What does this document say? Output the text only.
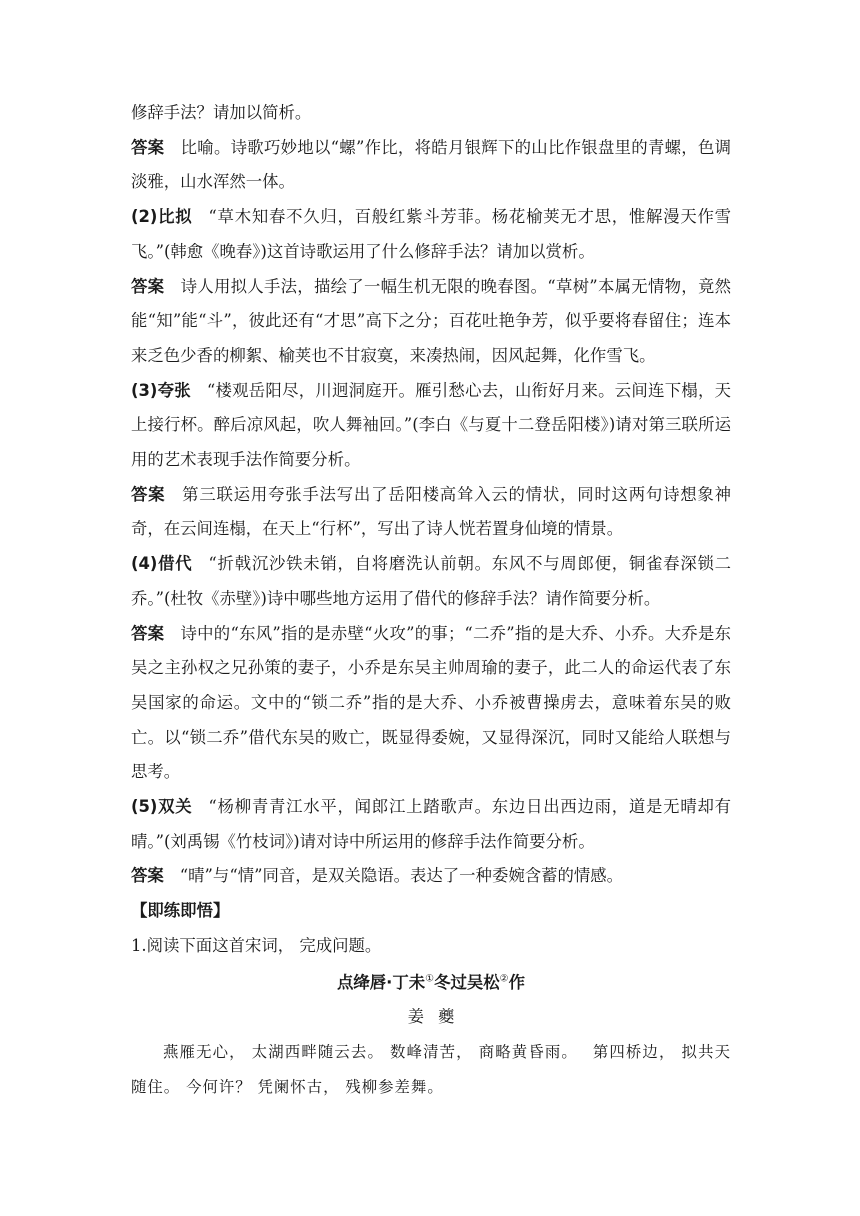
修辞手法？请加以简析。

答案 比喻。诗歌巧妙地以“螺”作比，将皓月银辉下的山比作银盘里的青螺，色调淡雅，山水浑然一体。

(2)比拟 “草木知春不久归，百般红紫斗芳菲。杨花榆荚无才思，惟解漫天作雪飞。”(韩愈《晚春》)这首诗歌运用了什么修辞手法？请加以赏析。

答案 诗人用拟人手法，描绘了一幅生机无限的晚春图。“草树”本属无情物，竟然能“知”能“斗”，彼此还有“才思”高下之分；百花吐艳争芳，似乎要将春留住；连本来乏色少香的柳絮、榆荚也不甘寂寞，来凑热闹，因风起舞，化作雪飞。

(3)夸张 “楼观岳阳尽，川迥洞庭开。雁引愁心去，山衔好月来。云间连下榻，天上接行杯。醉后凉风起，吹人舞袖回。”(李白《与夏十二登岳阳楼》)请对第三联所运用的艺术表现手法作简要分析。

答案 第三联运用夸张手法写出了岳阳楼高耸入云的情状，同时这两句诗想象神奇，在云间连榻，在天上“行杯”，写出了诗人恍若置身仙境的情景。

(4)借代 “折戟沉沙铁未销，自将磨洗认前朝。东风不与周郎便，铜雀春深锁二乔。”(杜牧《赤壁》)诗中哪些地方运用了借代的修辞手法？请作简要分析。

答案 诗中的“东风”指的是赤壁“火攻”的事；“二乔”指的是大乔、小乔。大乔是东吴之主孙权之兄孙策的妻子，小乔是东吴主帅周瑜的妻子，此二人的命运代表了东吴国家的命运。文中的“锁二乔”指的是大乔、小乔被曹操虏去，意味着东吴的败亡。以“锁二乔”借代东吴的败亡，既显得委婉，又显得深沉，同时又能给人联想与思考。

(5)双关 “杨柳青青江水平，闻郎江上踏歌声。东边日出西边雨，道是无晴却有晴。”(刘禹锡《竹枝词》)请对诗中所运用的修辞手法作简要分析。

答案 “晴”与“情”同音，是双关隐语。表达了一种委婉含蓄的情感。

【即练即悟】

1.阅读下面这首宋词， 完成问题。

点绛唇·丁未①冬过吴松②作

姜夔

燕雁无心， 太湖西畔随云去。 数峰清苦， 商略黄昏雨。　 第四桥边， 拟共天随住。 今何许？ 凭阑怀古， 残柳参差舞。
